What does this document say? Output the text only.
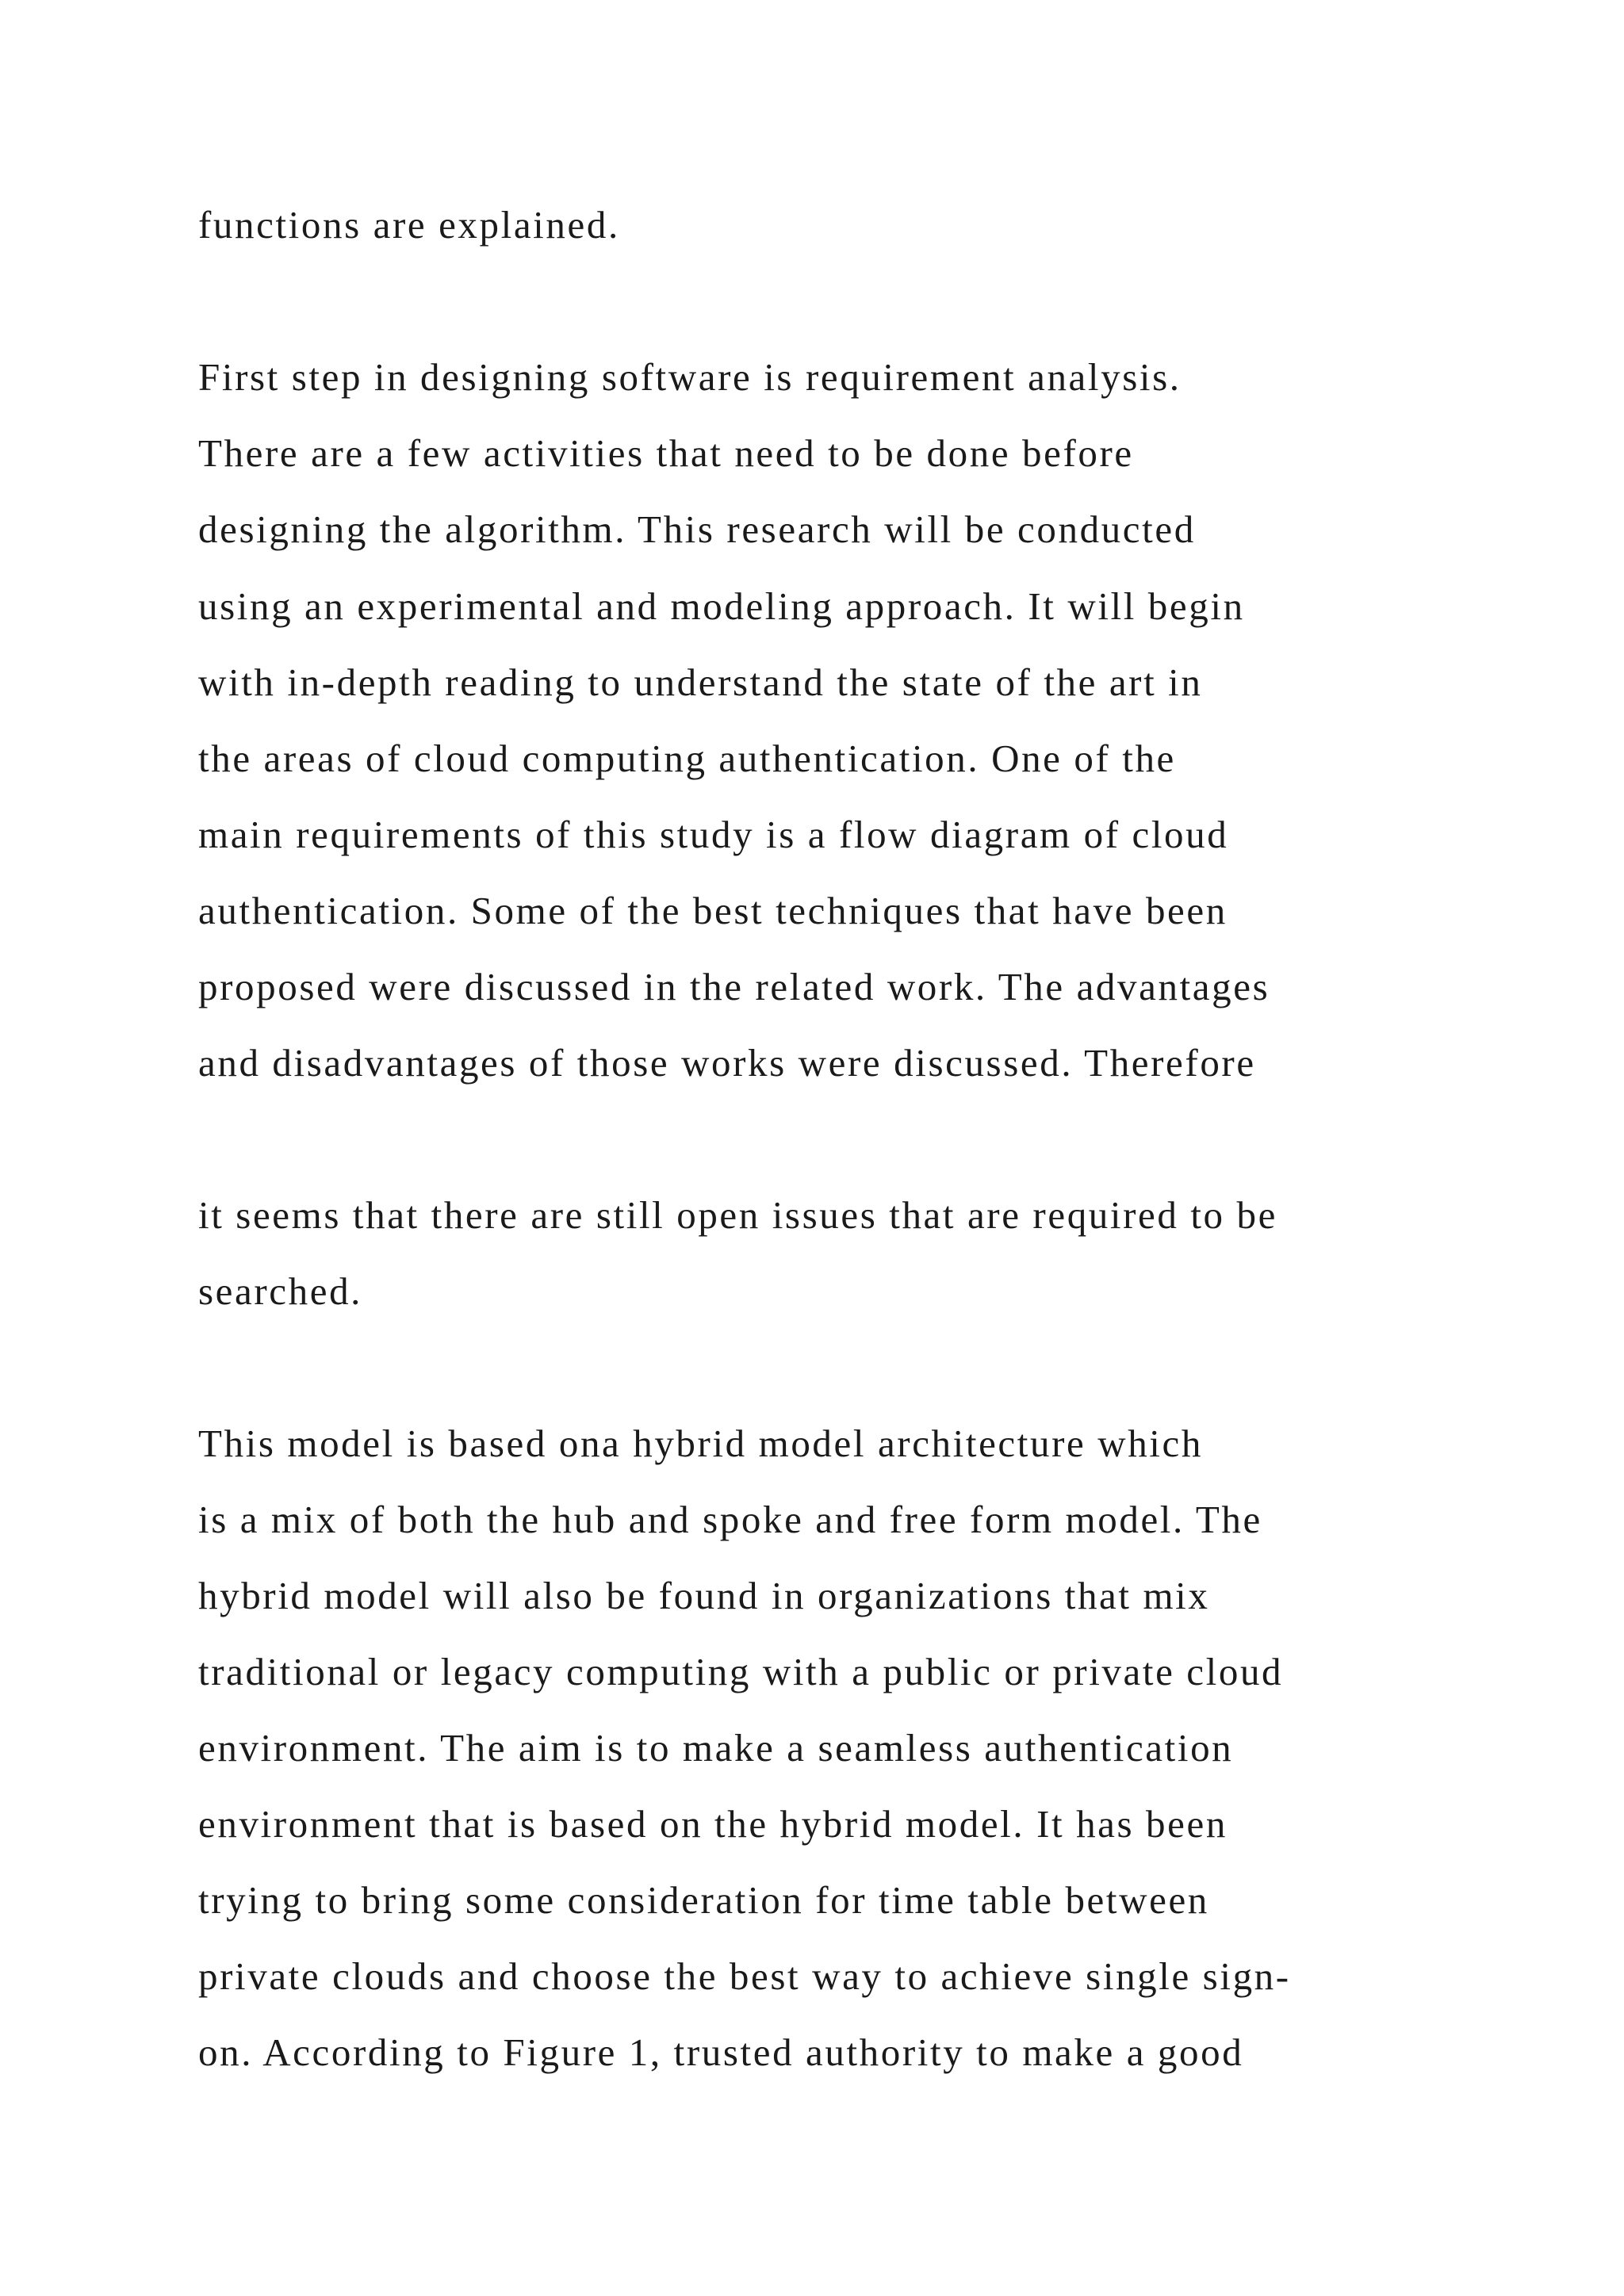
functions are explained.

First step in designing software is requirement analysis.

There are a few activities that need to be done before

designing the algorithm. This research will be conducted

using an experimental and modeling approach. It will begin

with in-depth reading to understand the state of the art in

the areas of cloud computing authentication. One of the

main requirements of this study is a flow diagram of cloud

authentication. Some of the best techniques that have been

proposed were discussed in the related work. The advantages

and disadvantages of those works were discussed. Therefore

it seems that there are still open issues that are required to be

searched.

This model is based ona hybrid model architecture which

is a mix of both the hub and spoke and free form model. The

hybrid model will also be found in organizations that mix

traditional or legacy computing with a public or private cloud

environment. The aim is to make a seamless authentication

environment that is based on the hybrid model. It has been

trying to bring some consideration for time table between

private clouds and choose the best way to achieve single sign-

on. According to Figure 1, trusted authority to make a good
